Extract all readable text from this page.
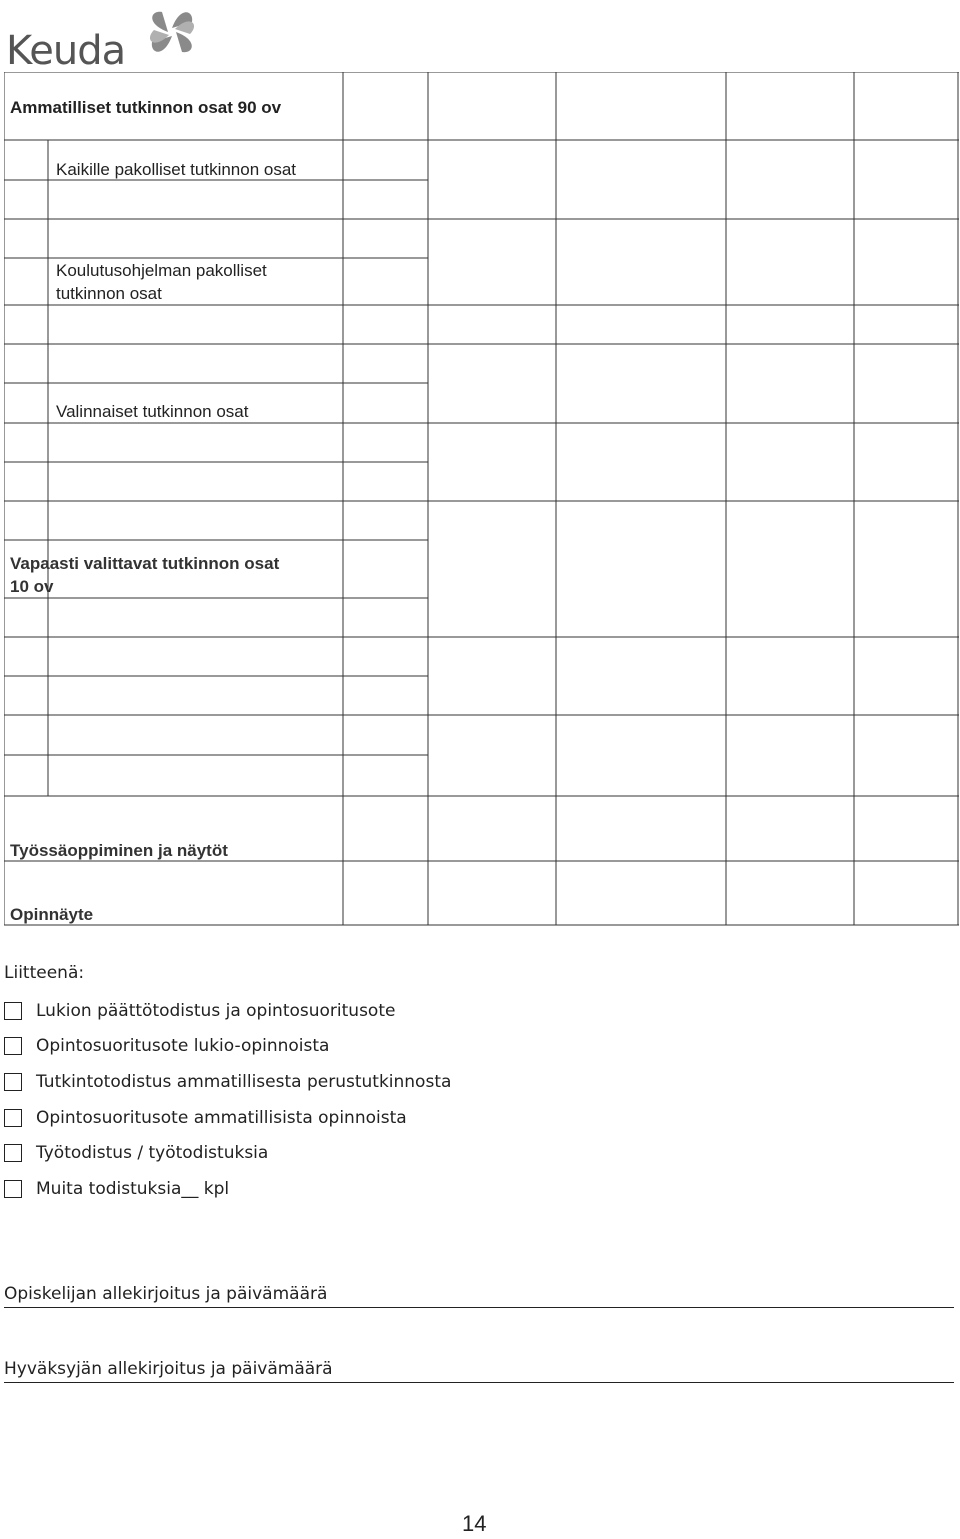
Keuda
Ammatilliset tutkinnon osat 90 ov
Kaikille pakolliset tutkinnon osat
Koulutusohjelman pakolliset
tutkinnon osat
Valinnaiset tutkinnon osat
Vapaasti valittavat tutkinnon osat
10 ov
Työssäoppiminen ja näytöt
Opinnäyte
Liitteenä:
Lukion päättötodistus ja opintosuoritusote
Opintosuoritusote lukio-opinnoista
Tutkintotodistus ammatillisesta perustutkinnosta
Opintosuoritusote ammatillisista opinnoista
Työtodistus / työtodistuksia
Muita todistuksia__ kpl
Opiskelijan allekirjoitus ja päivämäärä
Hyväksyjän allekirjoitus ja päivämäärä
14
